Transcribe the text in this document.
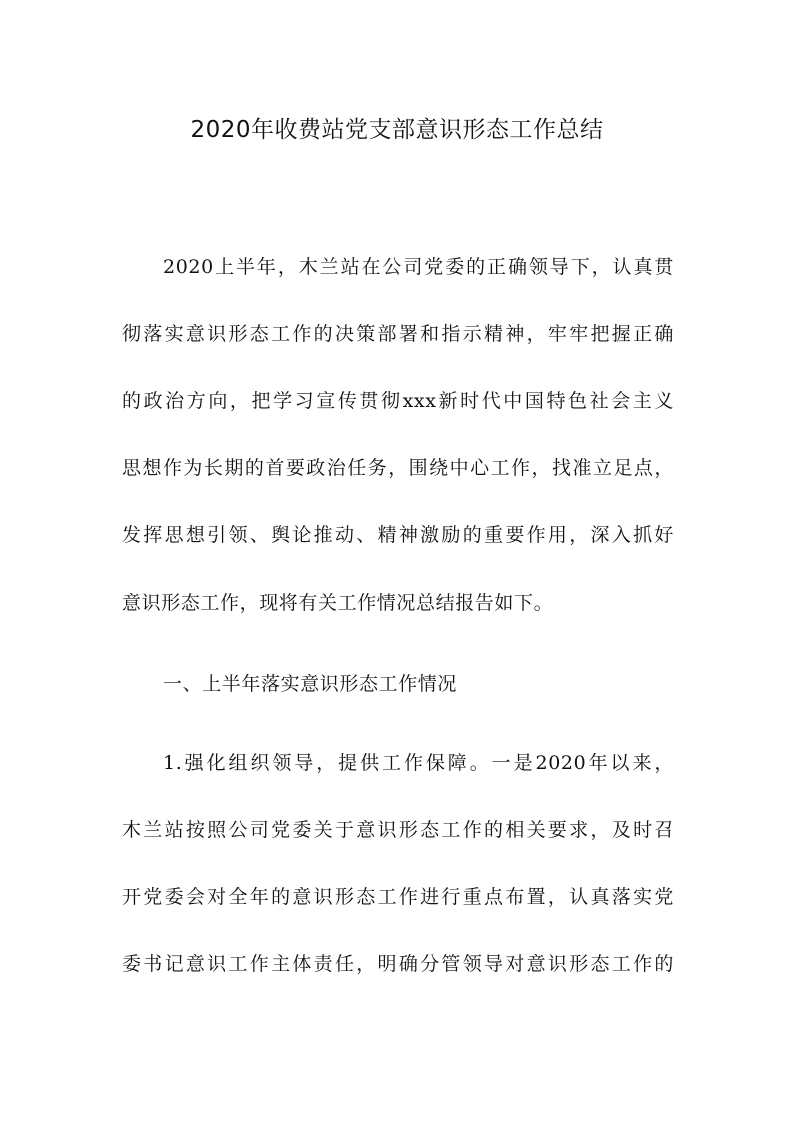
2020年收费站党支部意识形态工作总结

2020上半年，木兰站在公司党委的正确领导下，认真贯

彻落实意识形态工作的决策部署和指示精神，牢牢把握正确

的政治方向，把学习宣传贯彻xxx新时代中国特色社会主义

思想作为长期的首要政治任务，围绕中心工作，找准立足点，

发挥思想引领、舆论推动、精神激励的重要作用，深入抓好

意识形态工作，现将有关工作情况总结报告如下。

一、上半年落实意识形态工作情况

1.强化组织领导，提供工作保障。一是2020年以来，

木兰站按照公司党委关于意识形态工作的相关要求，及时召

开党委会对全年的意识形态工作进行重点布置，认真落实党

委书记意识工作主体责任，明确分管领导对意识形态工作的
